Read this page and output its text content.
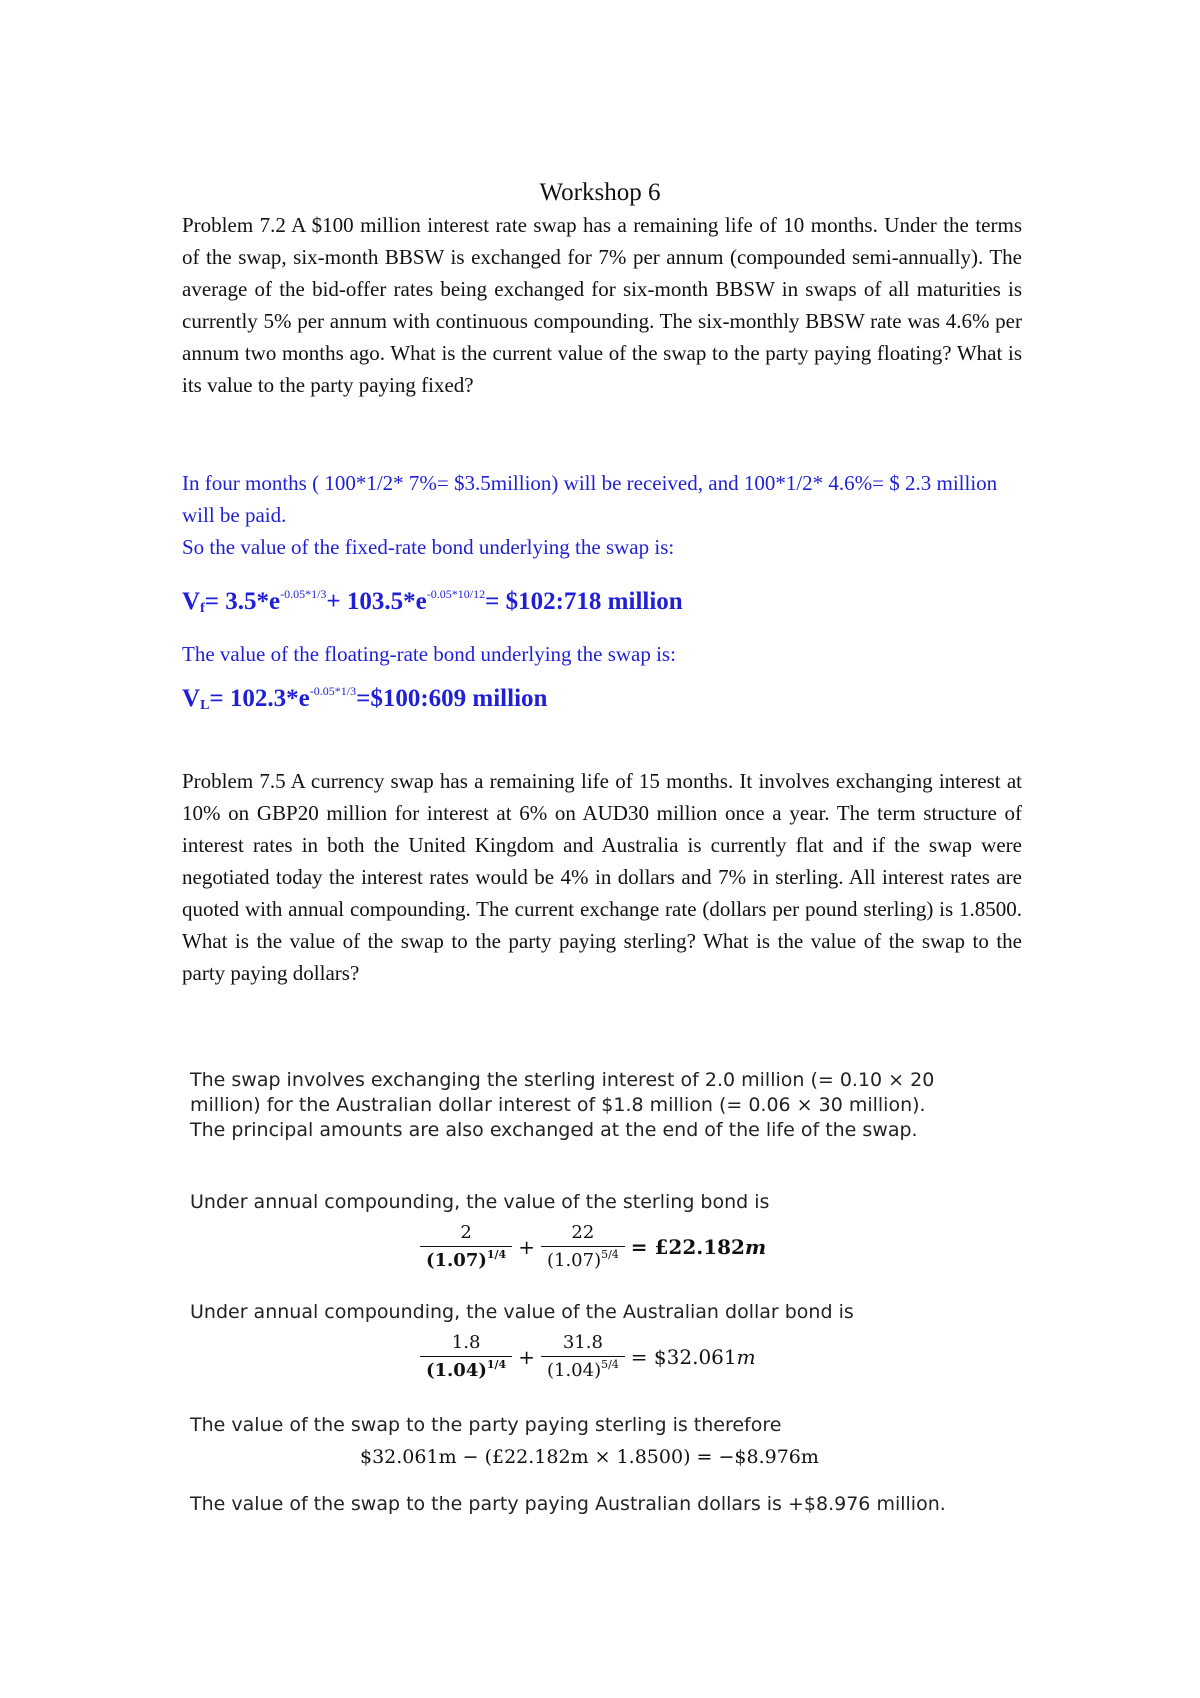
Workshop 6
Problem 7.2 A $100 million interest rate swap has a remaining life of 10 months. Under the terms of the swap, six-month BBSW is exchanged for 7% per annum (compounded semi-annually). The average of the bid-offer rates being exchanged for six-month BBSW in swaps of all maturities is currently 5% per annum with continuous compounding. The six-monthly BBSW rate was 4.6% per annum two months ago. What is the current value of the swap to the party paying floating? What is its value to the party paying fixed?
In four months ( 100*1/2* 7%= $3.5million) will be received, and 100*1/2* 4.6%= $ 2.3 million will be paid.
So the value of the fixed-rate bond underlying the swap is:
$V_f= 3.5*e^{-0.05*1/3}+ 103.5*e^{-0.05*10/12}=$ $102:718 million
The value of the floating-rate bond underlying the swap is:
$V_L=$ $102.3*e^{-0.05*1/3}=\$100:609$ million
Problem 7.5 A currency swap has a remaining life of 15 months. It involves exchanging interest at 10% on GBP20 million for interest at 6% on AUD30 million once a year. The term structure of interest rates in both the United Kingdom and Australia is currently flat and if the swap were negotiated today the interest rates would be 4% in dollars and 7% in sterling. All interest rates are quoted with annual compounding. The current exchange rate (dollars per pound sterling) is 1.8500. What is the value of the swap to the party paying sterling? What is the value of the swap to the party paying dollars?
The swap involves exchanging the sterling interest of 2.0 million (= 0.10 × 20 million) for the Australian dollar interest of $1.8 million (= 0.06 × 30 million). The principal amounts are also exchanged at the end of the life of the swap.
Under annual compounding, the value of the sterling bond is
$\frac{2}{(1.07)^{1/4}} + \frac{22}{(1.07)^{5/4}}$ = £22.182m
Under annual compounding, the value of the Australian dollar bond is
$\frac{1.8}{(1.04)^{1/4}} + \frac{31.8}{(1.04)^{5/4}}$ = $32.061m
The value of the swap to the party paying sterling is therefore
$32.061m − (£22.182m × 1.8500) = −$8.976m
The value of the swap to the party paying Australian dollars is +$8.976 million.
